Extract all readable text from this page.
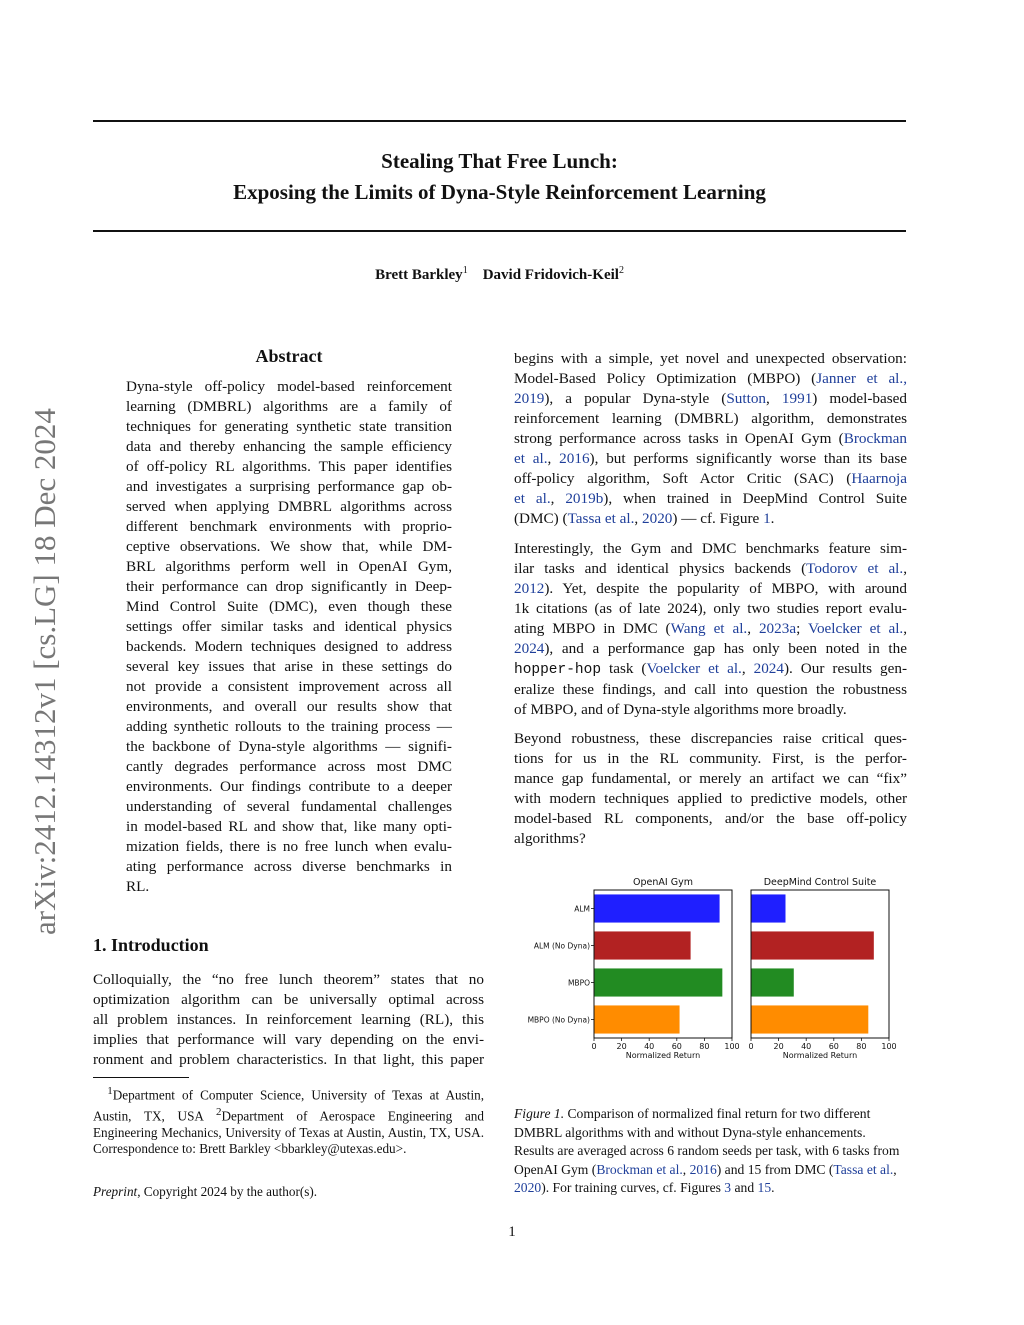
arXiv:2412.14312v1 [cs.LG] 18 Dec 2024
Stealing That Free Lunch:
Exposing the Limits of Dyna-Style Reinforcement Learning
Brett Barkley$^1$ David Fridovich-Keil$^2$
Abstract
Dyna-style off-policy model-based reinforcement
learning (DMBRL) algorithms are a family of
techniques for generating synthetic state transition
data and thereby enhancing the sample efficiency
of off-policy RL algorithms. This paper identifies
and investigates a surprising performance gap ob-
served when applying DMBRL algorithms across
different benchmark environments with proprio-
ceptive observations. We show that, while DM-
BRL algorithms perform well in OpenAI Gym,
their performance can drop significantly in Deep-
Mind Control Suite (DMC), even though these
settings offer similar tasks and identical physics
backends. Modern techniques designed to address
several key issues that arise in these settings do
not provide a consistent improvement across all
environments, and overall our results show that
adding synthetic rollouts to the training process —
the backbone of Dyna-style algorithms — signifi-
cantly degrades performance across most DMC
environments. Our findings contribute to a deeper
understanding of several fundamental challenges
in model-based RL and show that, like many opti-
mization fields, there is no free lunch when evalu-
ating performance across diverse benchmarks in
RL.
1. Introduction
Colloquially, the “no free lunch theorem” states that no
optimization algorithm can be universally optimal across
all problem instances. In reinforcement learning (RL), this
implies that performance will vary depending on the envi-
ronment and problem characteristics. In that light, this paper
$^1$Department of Computer Science, University of Texas at Austin, Austin, TX, USA $^2$Department of Aerospace Engineering and Engineering Mechanics, University of Texas at Austin, Austin, TX, USA. Correspondence to: Brett Barkley <bbarkley@utexas.edu>.
Preprint, Copyright 2024 by the author(s).
begins with a simple, yet novel and unexpected observation:
Model-Based Policy Optimization (MBPO) (Janner et al.,
2019), a popular Dyna-style (Sutton, 1991) model-based
reinforcement learning (DMBRL) algorithm, demonstrates
strong performance across tasks in OpenAI Gym (Brockman
et al., 2016), but performs significantly worse than its base
off-policy algorithm, Soft Actor Critic (SAC) (Haarnoja
et al., 2019b), when trained in DeepMind Control Suite
(DMC) (Tassa et al., 2020) — cf. Figure 1.
Interestingly, the Gym and DMC benchmarks feature sim-
ilar tasks and identical physics backends (Todorov et al.,
2012). Yet, despite the popularity of MBPO, with around
1k citations (as of late 2024), only two studies report evalu-
ating MBPO in DMC (Wang et al., 2023a; Voelcker et al.,
2024), and a performance gap has only been noted in the
hopper-hop task (Voelcker et al., 2024). Our results gen-
eralize these findings, and call into question the robustness
of MBPO, and of Dyna-style algorithms more broadly.
Beyond robustness, these discrepancies raise critical ques-
tions for us in the RL community. First, is the perfor-
mance gap fundamental, or merely an artifact we can “fix”
with modern techniques applied to predictive models, other
model-based RL components, and/or the base off-policy
algorithms?
OpenAI Gym
0 20 40 60 80 100
Normalized Return
ALM
ALM (No Dyna)
MBPO
MBPO (No Dyna)
DeepMind Control Suite
0 20 40 60 80 100
Normalized Return
Figure 1. Comparison of normalized final return for two different DMBRL algorithms with and without Dyna-style enhancements. Results are averaged across 6 random seeds per task, with 6 tasks from OpenAI Gym (Brockman et al., 2016) and 15 from DMC (Tassa et al., 2020). For training curves, cf. Figures 3 and 15.
1
